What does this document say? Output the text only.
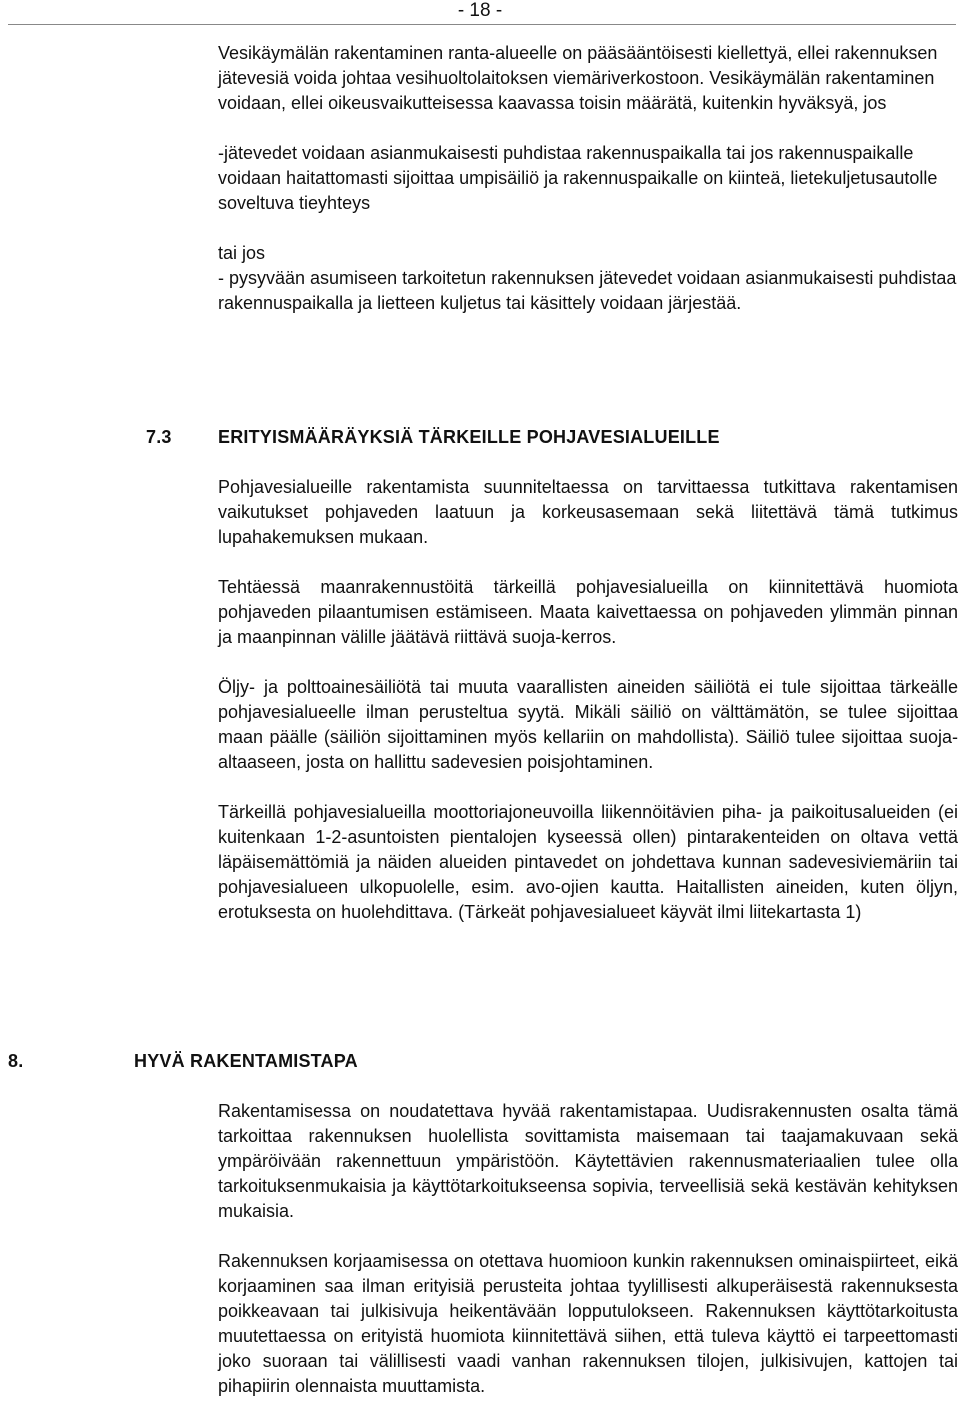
- 18 -

Vesikäymälän rakentaminen ranta-alueelle on pääsääntöisesti kiellettyä, ellei rakennuksen jätevesiä voida johtaa vesihuoltolaitoksen viemäriverkostoon. Vesikäymälän rakentaminen voidaan, ellei oikeusvaikutteisessa kaavassa toisin määrätä, kuitenkin hyväksyä, jos

-jätevedet voidaan asianmukaisesti puhdistaa rakennuspaikalla tai jos rakennuspaikalle voidaan haitattomasti sijoittaa umpisäiliö ja rakennuspaikalle on kiinteä, lietekuljetusautolle soveltuva tieyhteys

tai jos

- pysyvään asumiseen tarkoitetun rakennuksen jätevedet voidaan asianmukaisesti puhdistaa rakennuspaikalla ja lietteen kuljetus tai käsittely voidaan järjestää.

7.3	ERITYISMÄÄRÄYKSIÄ TÄRKEILLE POHJAVESIALUEILLE

Pohjavesialueille rakentamista suunniteltaessa on tarvittaessa tutkittava rakentamisen vaikutukset pohjaveden laatuun ja korkeusasemaan sekä liitettävä tämä tutkimus lupahakemuksen mukaan.

Tehtäessä maanrakennustöitä tärkeillä pohjavesialueilla on kiinnitettävä huomiota pohjaveden pilaantumisen estämiseen. Maata kaivettaessa on pohjaveden ylimmän pinnan ja maanpinnan välille jäätävä riittävä suoja-kerros.

Öljy- ja polttoainesäiliötä tai muuta vaarallisten aineiden säiliötä ei tule sijoittaa tärkeälle pohjavesialueelle ilman perusteltua syytä. Mikäli säiliö on välttämätön, se tulee sijoittaa maan päälle (säiliön sijoittaminen myös kellariin on mahdollista). Säiliö tulee sijoittaa suoja-altaaseen, josta on hallittu sadevesien poisjohtaminen.

Tärkeillä pohjavesialueilla moottoriajoneuvoilla liikennöitävien piha- ja paikoitusalueiden (ei kuitenkaan 1-2-asuntoisten pientalojen kyseessä ollen) pintarakenteiden on oltava vettä läpäisemättömiä ja näiden alueiden pintavedet on johdettava kunnan sadevesiviemäriin tai pohjavesialueen ulkopuolelle, esim. avo-ojien kautta. Haitallisten aineiden, kuten öljyn, erotuksesta on huolehdittava. (Tärkeät pohjavesialueet käyvät ilmi liitekartasta 1)

8.	HYVÄ RAKENTAMISTAPA

Rakentamisessa on noudatettava hyvää rakentamistapaa. Uudisrakennusten osalta tämä tarkoittaa rakennuksen huolellista sovittamista maisemaan tai taajamakuvaan sekä ympäröivään rakennettuun ympäristöön. Käytettävien rakennusmateriaalien tulee olla tarkoituksenmukaisia ja käyttötarkoitukseensa sopivia, terveellisiä sekä kestävän kehityksen mukaisia.

Rakennuksen korjaamisessa on otettava huomioon kunkin rakennuksen ominaispiirteet, eikä korjaaminen saa ilman erityisiä perusteita johtaa tyylillisesti alkuperäisestä rakennuksesta poikkeavaan tai julkisivuja heikentävään lopputulokseen. Rakennuksen käyttötarkoitusta muutettaessa on erityistä huomiota kiinnitettävä siihen, että tuleva käyttö ei tarpeettomasti joko suoraan tai välillisesti vaadi vanhan rakennuksen tilojen, julkisivujen, kattojen tai pihapiirin olennaista muuttamista.
